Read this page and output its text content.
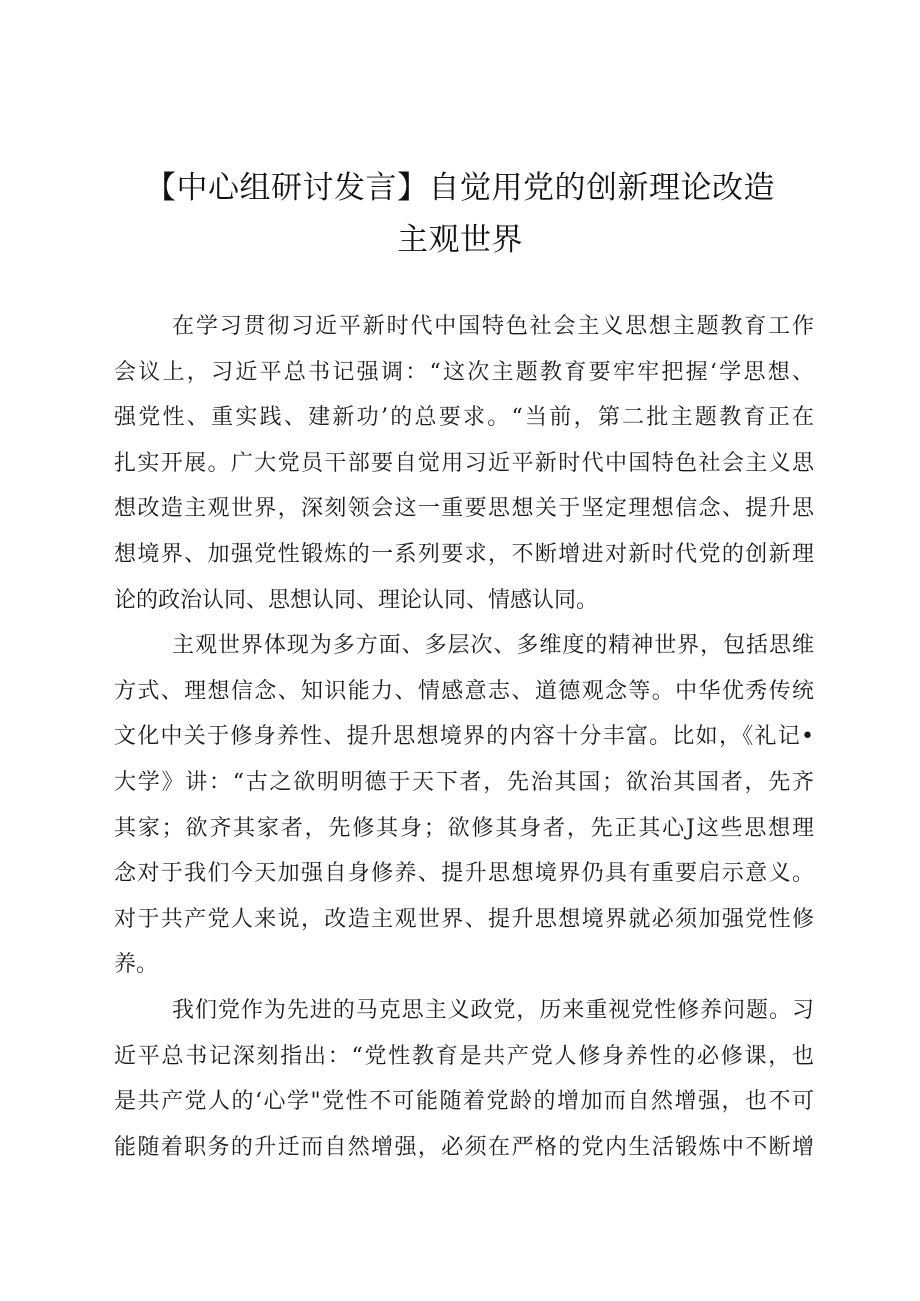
【中心组研讨发言】自觉用党的创新理论改造
主观世界

在学习贯彻习近平新时代中国特色社会主义思想主题教育工作
会议上，习近平总书记强调：“这次主题教育要牢牢把握‘学思想、
强党性、重实践、建新功’的总要求。“当前，第二批主题教育正在
扎实开展。广大党员干部要自觉用习近平新时代中国特色社会主义思
想改造主观世界，深刻领会这一重要思想关于坚定理想信念、提升思
想境界、加强党性锻炼的一系列要求，不断增进对新时代党的创新理
论的政治认同、思想认同、理论认同、情感认同。

主观世界体现为多方面、多层次、多维度的精神世界，包括思维
方式、理想信念、知识能力、情感意志、道德观念等。中华优秀传统
文化中关于修身养性、提升思想境界的内容十分丰富。比如，《礼记•
大学》讲：“古之欲明明德于天下者，先治其国；欲治其国者，先齐
其家；欲齐其家者，先修其身；欲修其身者，先正其心J这些思想理
念对于我们今天加强自身修养、提升思想境界仍具有重要启示意义。
对于共产党人来说，改造主观世界、提升思想境界就必须加强党性修
养。

我们党作为先进的马克思主义政党，历来重视党性修养问题。习
近平总书记深刻指出：“党性教育是共产党人修身养性的必修课，也
是共产党人的‘心学"党性不可能随着党龄的增加而自然增强，也不可
能随着职务的升迁而自然增强，必须在严格的党内生活锻炼中不断增
